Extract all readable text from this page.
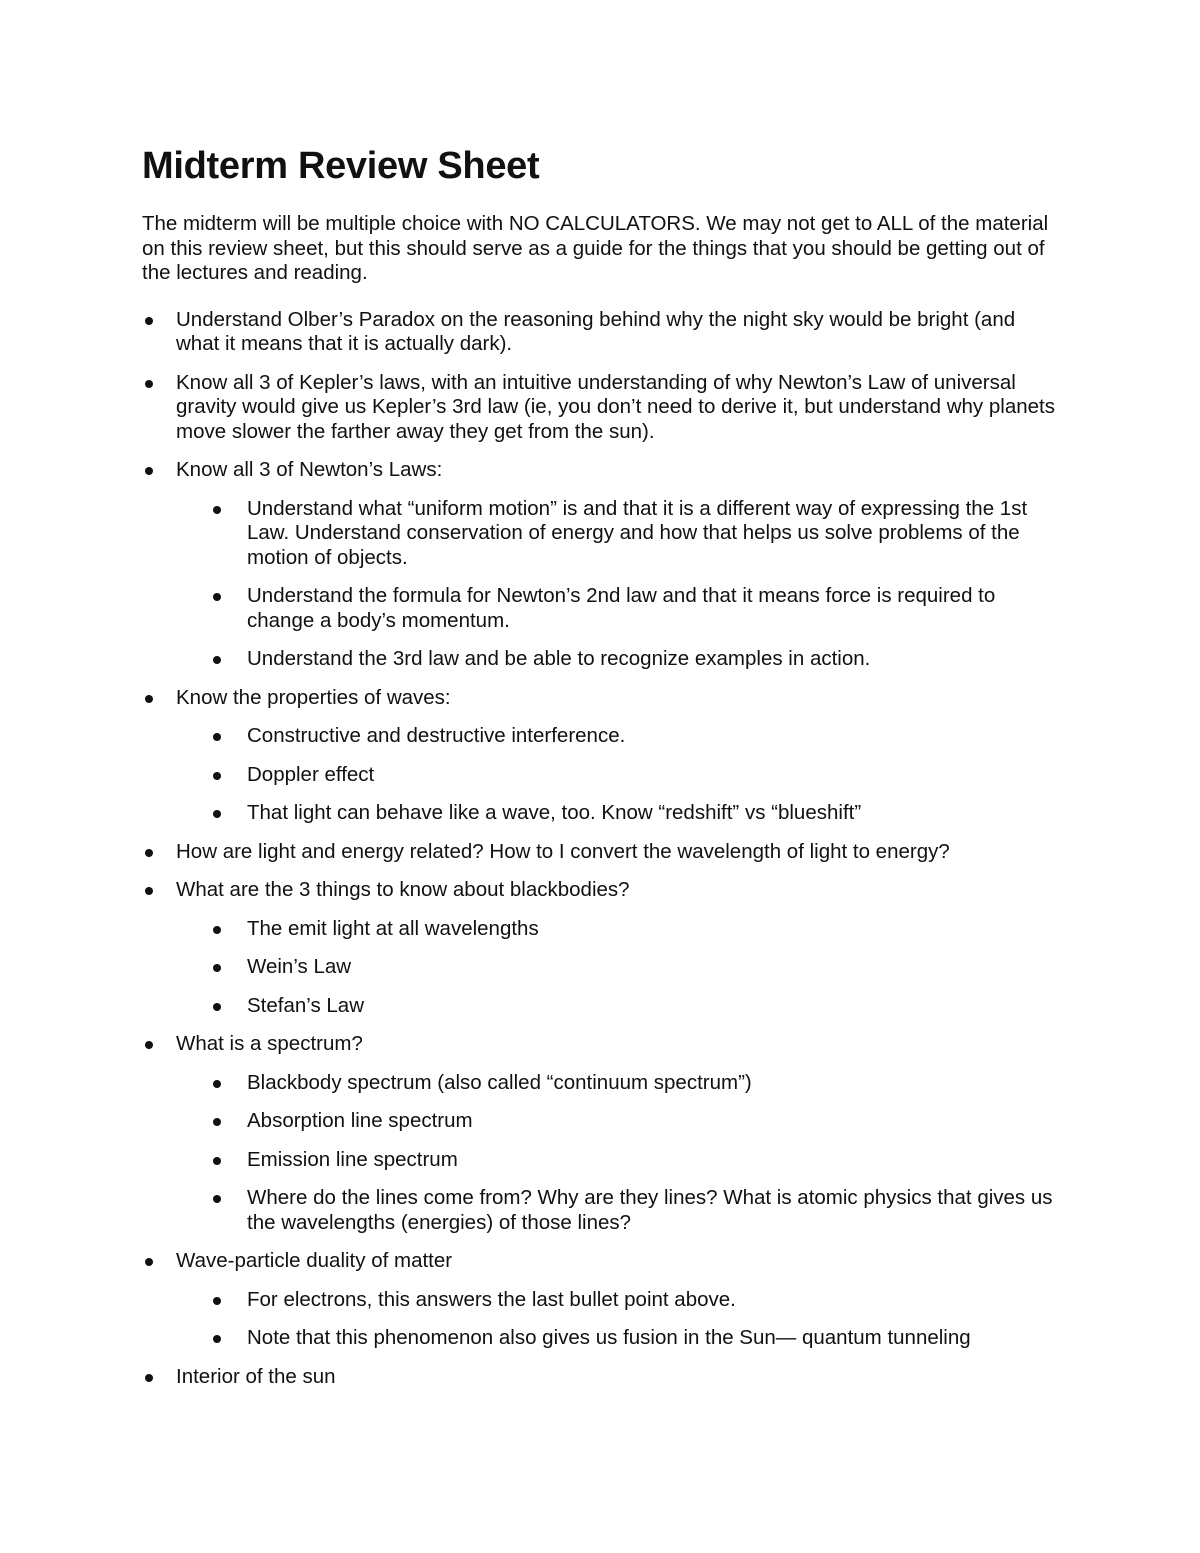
Midterm Review Sheet

The midterm will be multiple choice with NO CALCULATORS. We may not get to ALL of the material on this review sheet, but this should serve as a guide for the things that you should be getting out of the lectures and reading.

Understand Olber’s Paradox on the reasoning behind why the night sky would be bright (and what it means that it is actually dark).
Know all 3 of Kepler’s laws, with an intuitive understanding of why Newton’s Law of universal gravity would give us Kepler’s 3rd law (ie, you don’t need to derive it, but understand why planets move slower the farther away they get from the sun).
Know all 3 of Newton’s Laws:
Understand what “uniform motion” is and that it is a different way of expressing the 1st Law. Understand conservation of energy and how that helps us solve problems of the motion of objects.
Understand the formula for Newton’s 2nd law and that it means force is required to change a body’s momentum.
Understand the 3rd law and be able to recognize examples in action.
Know the properties of waves:
Constructive and destructive interference.
Doppler effect
That light can behave like a wave, too. Know “redshift” vs “blueshift”
How are light and energy related? How to I convert the wavelength of light to energy?
What are the 3 things to know about blackbodies?
The emit light at all wavelengths
Wein’s Law
Stefan’s Law
What is a spectrum?
Blackbody spectrum (also called “continuum spectrum”)
Absorption line spectrum
Emission line spectrum
Where do the lines come from? Why are they lines? What is atomic physics that gives us the wavelengths (energies) of those lines?
Wave-particle duality of matter
For electrons, this answers the last bullet point above.
Note that this phenomenon also gives us fusion in the Sun— quantum tunneling
Interior of the sun
